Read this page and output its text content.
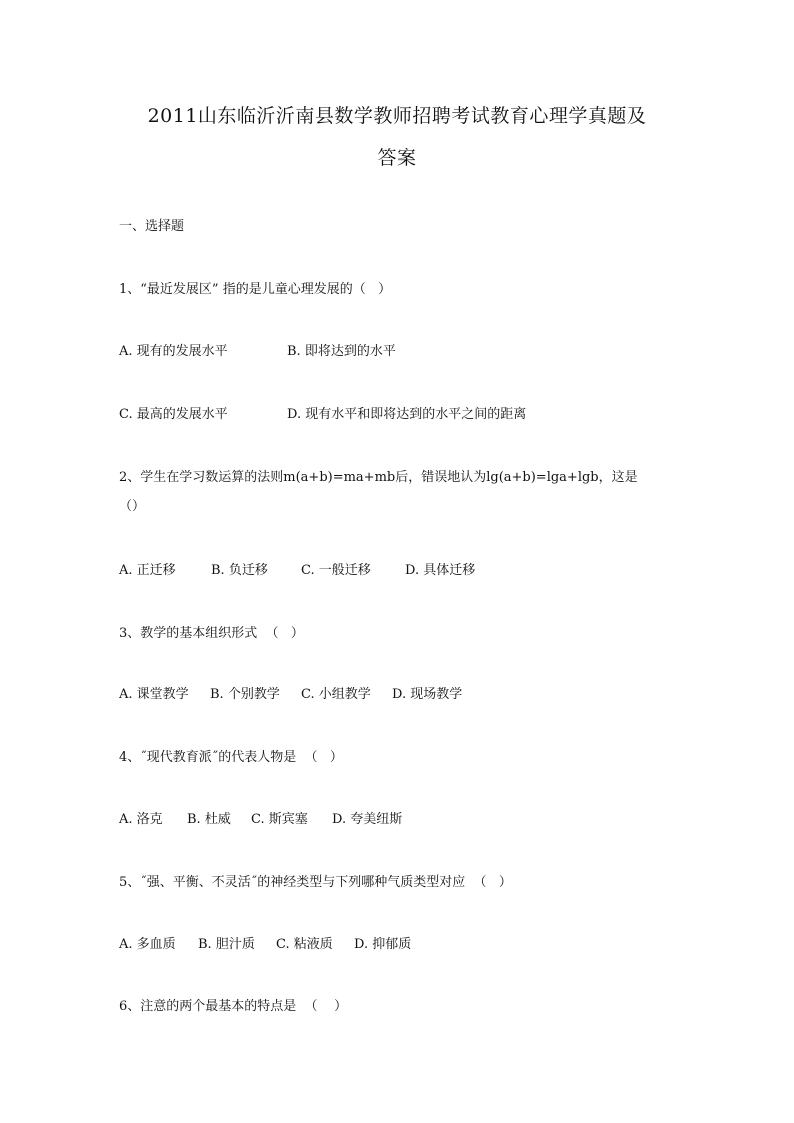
2011山东临沂沂南县数学教师招聘考试教育心理学真题及
答案
一、选择题
1、“最近发展区” 指的是儿童心理发展的（   ）
A. 现有的发展水平	B. 即将达到的水平
C. 最高的发展水平	D. 现有水平和即将达到的水平之间的距离
2、学生在学习数运算的法则m(a+b)=ma+mb后，错误地认为lg(a+b)=lga+lgb，这是
（）
A. 正迁移	B. 负迁移	C. 一般迁移	D. 具体迁移
3、教学的基本组织形式  （   ）
A. 课堂教学 B. 个别教学 C. 小组教学 D. 现场教学
4、˝现代教育派˝的代表人物是  （   ）
A. 洛克 B. 杜威 C. 斯宾塞 D. 夸美纽斯
5、˝强、平衡、不灵活˝的神经类型与下列哪种气质类型对应  （   ）
A. 多血质 B. 胆汁质 C. 粘液质 D. 抑郁质
6、注意的两个最基本的特点是  （    ）
